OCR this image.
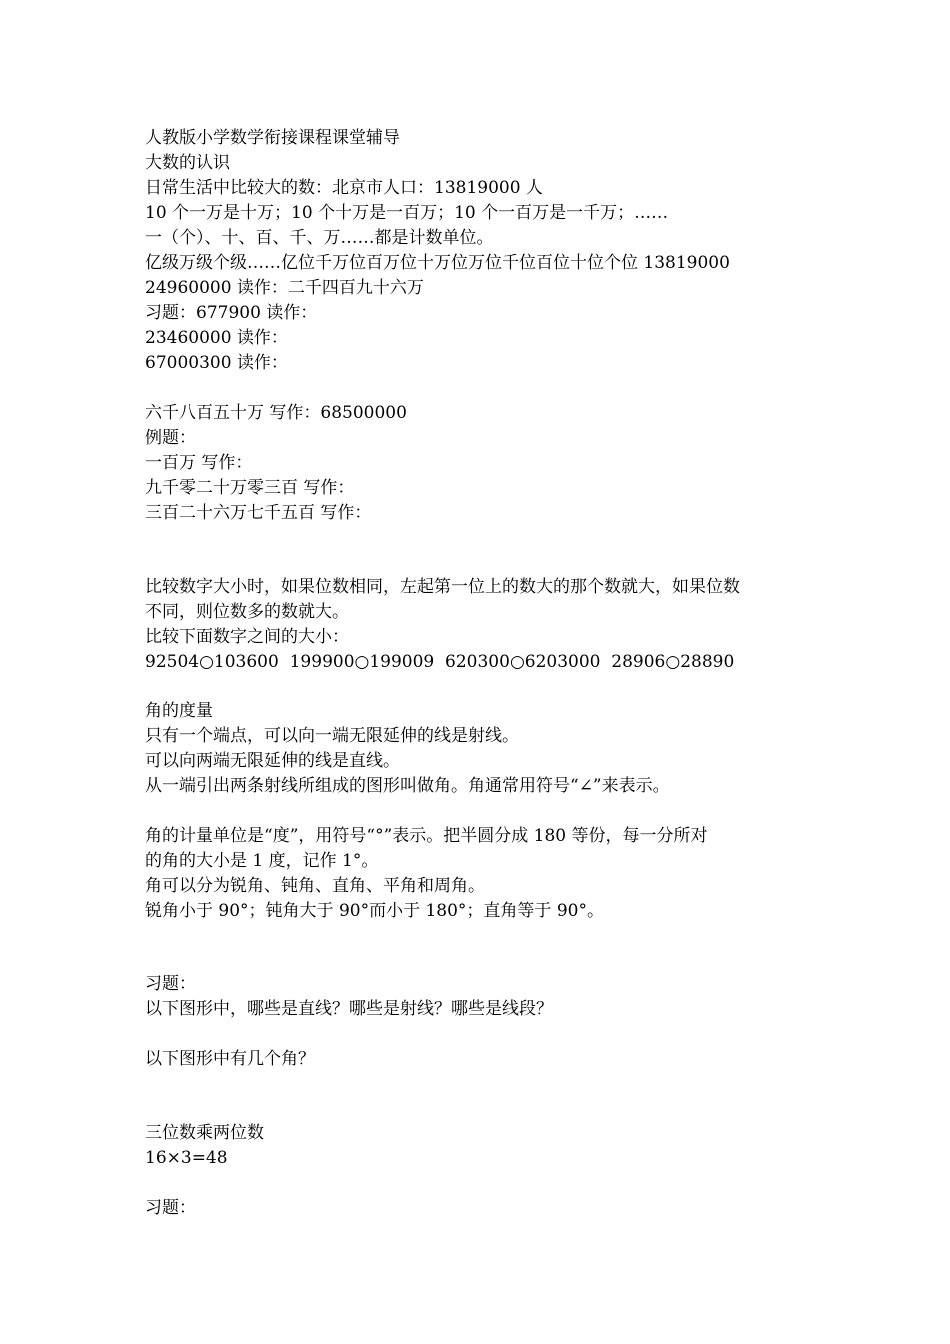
人教版小学数学衔接课程课堂辅导
大数的认识
日常生活中比较大的数：北京市人口：13819000 人
10 个一万是十万；10 个十万是一百万；10 个一百万是一千万；……
一（个）、十、百、千、万……都是计数单位。
亿级万级个级……亿位千万位百万位十万位万位千位百位十位个位 13819000
24960000 读作：二千四百九十六万
习题：677900 读作：
23460000 读作：
67000300 读作：
六千八百五十万 写作：68500000
例题：
一百万 写作：
九千零二十万零三百 写作：
三百二十六万七千五百 写作：
比较数字大小时，如果位数相同，左起第一位上的数大的那个数就大，如果位数
不同，则位数多的数就大。
比较下面数字之间的大小：
92504○103600  199900○199009  620300○6203000  28906○28890
角的度量
只有一个端点，可以向一端无限延伸的线是射线。
可以向两端无限延伸的线是直线。
从一端引出两条射线所组成的图形叫做角。角通常用符号“∠”来表示。
角的计量单位是“度”，用符号“°”表示。把半圆分成 180 等份，每一分所对
的角的大小是 1 度，记作 1°。
角可以分为锐角、钝角、直角、平角和周角。
锐角小于 90°；钝角大于 90°而小于 180°；直角等于 90°。
习题：
以下图形中，哪些是直线？哪些是射线？哪些是线段？
以下图形中有几个角？
三位数乘两位数
16×3=48
习题：
